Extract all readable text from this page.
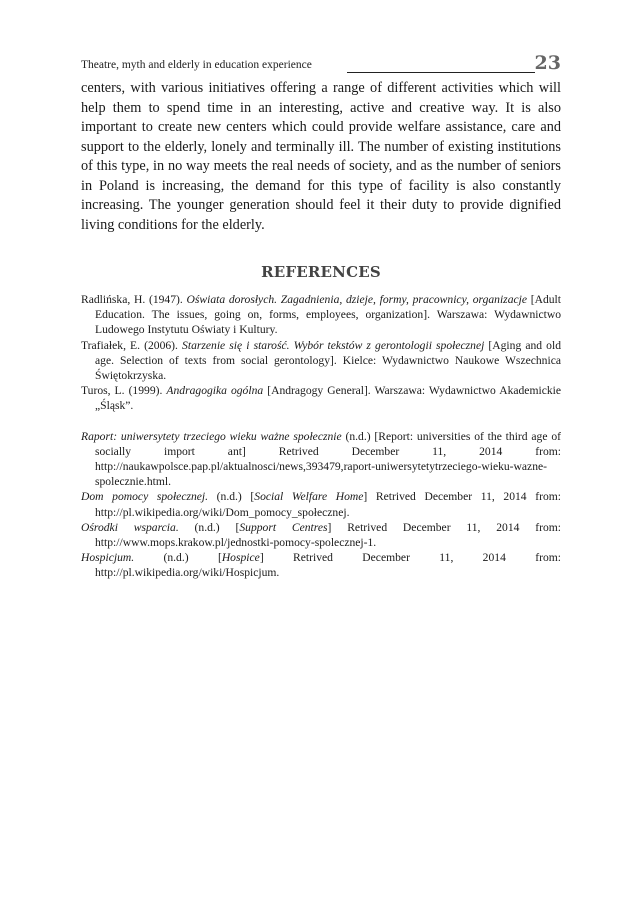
Theatre, myth and elderly in education experience	23

centers, with various initiatives offering a range of different activities which will help them to spend time in an interesting, active and creative way. It is also important to create new centers which could provide welfare assistance, care and support to the elderly, lonely and terminally ill. The number of existing institutions of this type, in no way meets the real needs of society, and as the number of seniors in Poland is increasing, the demand for this type of facility is also constantly increasing. The younger generation should feel it their duty to provide dignified living conditions for the elderly.

REFERENCES
Radlińska, H. (1947). Oświata dorosłych. Zagadnienia, dzieje, formy, pracownicy, organizacje [Adult Education. The issues, going on, forms, employees, organization]. Warszawa: Wydawnictwo Ludowego Instytutu Oświaty i Kultury.
Trafiałek, E. (2006). Starzenie się i starość. Wybór tekstów z gerontologii społecznej [Aging and old age. Selection of texts from social gerontology]. Kielce: Wydawnictwo Naukowe Wszechnica Świętokrzyska.
Turos, L. (1999). Andragogika ogólna [Andragogy General]. Warszawa: Wydawnictwo Akademickie „Śląsk”.
Raport: uniwersytety trzeciego wieku ważne społecznie (n.d.) [Report: universities of the third age of socially import ant] Retrived December 11, 2014 from: http://naukawpolsce.pap.pl/aktualnosci/news,393479,raport-uniwersytetytrzeciego-wieku-wazne-spolecznie.html.
Dom pomocy społecznej. (n.d.) [Social Welfare Home] Retrived December 11, 2014 from: http://pl.wikipedia.org/wiki/Dom_pomocy_społecznej.
Ośrodki wsparcia. (n.d.) [Support Centres] Retrived December 11, 2014 from: http://www.mops.krakow.pl/jednostki-pomocy-spolecznej-1.
Hospicjum. (n.d.) [Hospice] Retrived December 11, 2014 from: http://pl.wikipedia.org/wiki/Hospicjum.
